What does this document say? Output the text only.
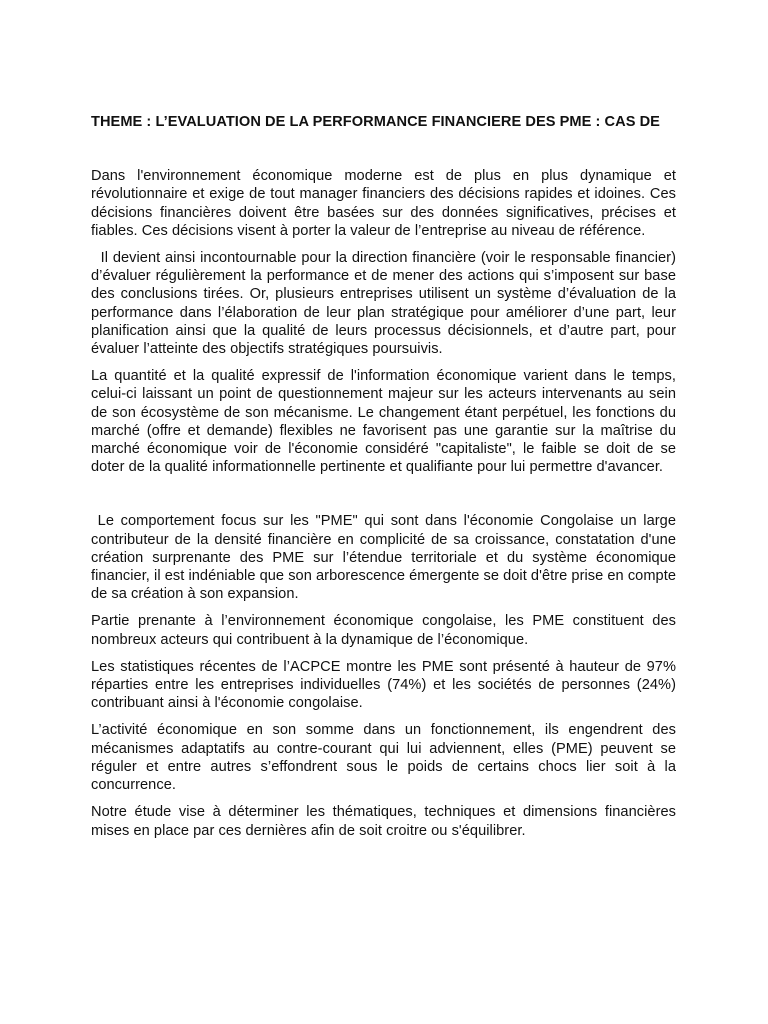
THEME : L’EVALUATION DE LA PERFORMANCE FINANCIERE DES PME : CAS DE

Dans l'environnement économique moderne est de plus en plus dynamique et révolutionnaire et exige de tout manager financiers des décisions rapides et idoines. Ces décisions financières doivent être basées sur des données significatives, précises et fiables. Ces décisions visent à porter la valeur de l’entreprise au niveau de référence.

Il devient ainsi incontournable pour la direction financière (voir le responsable financier) d’évaluer régulièrement la performance et de mener des actions qui s’imposent sur base des conclusions tirées. Or, plusieurs entreprises utilisent un système d’évaluation de la performance dans l’élaboration de leur plan stratégique pour améliorer d’une part, leur planification ainsi que la qualité de leurs processus décisionnels, et d’autre part, pour évaluer l’atteinte des objectifs stratégiques poursuivis.

La quantité et la qualité expressif de l'information économique varient dans le temps, celui-ci laissant un point de questionnement majeur sur les acteurs intervenants au sein de son écosystème de son mécanisme. Le changement étant perpétuel, les fonctions du marché (offre et demande) flexibles ne favorisent pas une garantie sur la maîtrise du marché économique voir de l'économie considéré "capitaliste", le faible se doit de se doter de la qualité informationnelle pertinente et qualifiante pour lui permettre d'avancer.

Le comportement focus sur les "PME" qui sont dans l'économie Congolaise un large contributeur de la densité financière en complicité de sa croissance, constatation d'une création surprenante des PME sur l’étendue territoriale et du système économique financier, il est indéniable que son arborescence émergente se doit d'être prise en compte de sa création à son expansion.

Partie prenante à l’environnement économique congolaise, les PME constituent des nombreux acteurs qui contribuent à la dynamique de l’économique.

Les statistiques récentes de l’ACPCE montre les PME sont présenté à hauteur de 97% réparties entre les entreprises individuelles (74%) et les sociétés de personnes (24%) contribuant ainsi à l'économie congolaise.

L’activité économique en son somme dans un fonctionnement, ils engendrent des mécanismes adaptatifs au contre-courant qui lui adviennent, elles (PME) peuvent se réguler et entre autres s’effondrent sous le poids de certains chocs lier soit à la concurrence.

Notre étude vise à déterminer les thématiques, techniques et dimensions financières mises en place par ces dernières afin de soit croitre ou s'équilibrer.
